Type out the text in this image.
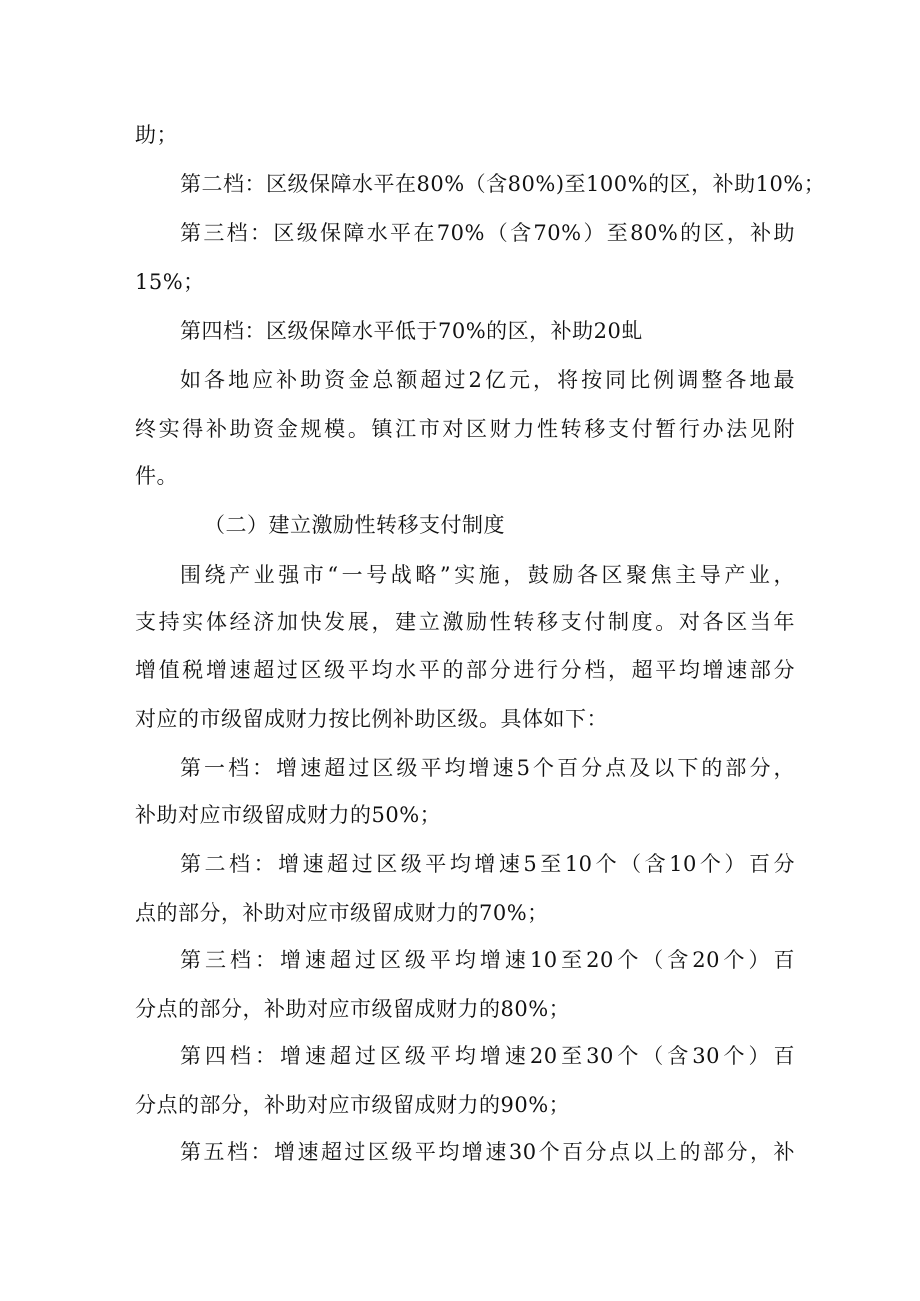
助；
第二档：区级保障水平在80%（含80%)至100%的区，补助10%；
第三档：区级保障水平在70%（含70%）至80%的区，补助
15%；
第四档：区级保障水平低于70%的区，补助20虬
如各地应补助资金总额超过2亿元，将按同比例调整各地最
终实得补助资金规模。镇江市对区财力性转移支付暂行办法见附
件。
（二）建立激励性转移支付制度
围绕产业强市“一号战略”实施，鼓励各区聚焦主导产业，
支持实体经济加快发展，建立激励性转移支付制度。对各区当年
增值税增速超过区级平均水平的部分进行分档，超平均增速部分
对应的市级留成财力按比例补助区级。具体如下：
第一档：增速超过区级平均增速5个百分点及以下的部分，
补助对应市级留成财力的50%；
第二档：增速超过区级平均增速5至10个（含10个）百分
点的部分，补助对应市级留成财力的70%；
第三档：增速超过区级平均增速10至20个（含20个）百
分点的部分，补助对应市级留成财力的80%；
第四档：增速超过区级平均增速20至30个（含30个）百
分点的部分，补助对应市级留成财力的90%；
第五档：增速超过区级平均增速30个百分点以上的部分，补
